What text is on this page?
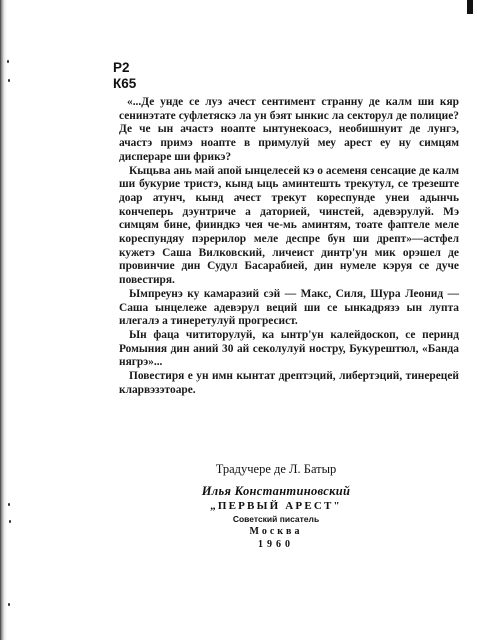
P2
К65

«...Де унде се луэ ачест сентимент странну де калм ши кяр сенинэтате суфлетяскэ ла ун бэят ынкис ла секторул де полицие? Де че ын ачастэ ноапте ынтунекоасэ, необишнуит де лунгэ, ачастэ примэ ноапте в примулуй меу арест еу ну симцям диспераре ши фрикэ?

Кыцьва ань май апой ынцелесей кэ о асеменя сенсацие де калм ши букурие тристэ, кынд ыць аминтешть трекутул, се трезеште доар атунч, кынд ачест трекут кореспунде унеи адынчь кончеперь дэунтриче а даторией, чинстей, адевэрулуй. Мэ симцям бине, фииндкэ чея че-мь аминтям, тоате фаптеле меле кореспундяу пэрерилор меле деспре бун ши дрепт»—астфел кужетэ Саша Вилковский, личеист динтр'ун мик орэшел де провинчие дин Судул Басарабией, дин нумеле кэруя се дуче повестиря.

Ымпреунэ ку камаразий сэй — Макс, Силя, Шура Леонид — Саша ынцележе адевэрул веций ши се ынкадрязэ ын лупта илегалэ а тинеретулуй прогресист.

Ын фаца чититорулуй, ка ынтр'ун калейдоскоп, се перинд Ромыния дин аний 30 ай секолулуй ностру, Букурештюл, «Банда нягрэ»...

Повестиря е ун имн кынтат дрептэций, либертэций, тинерецей кларвэзэтоаре.

Традучере де Л. Батыр
Илья Константиновский
„ПЕРВЫЙ АРЕСТ"
Советский писатель
Москва
1960
